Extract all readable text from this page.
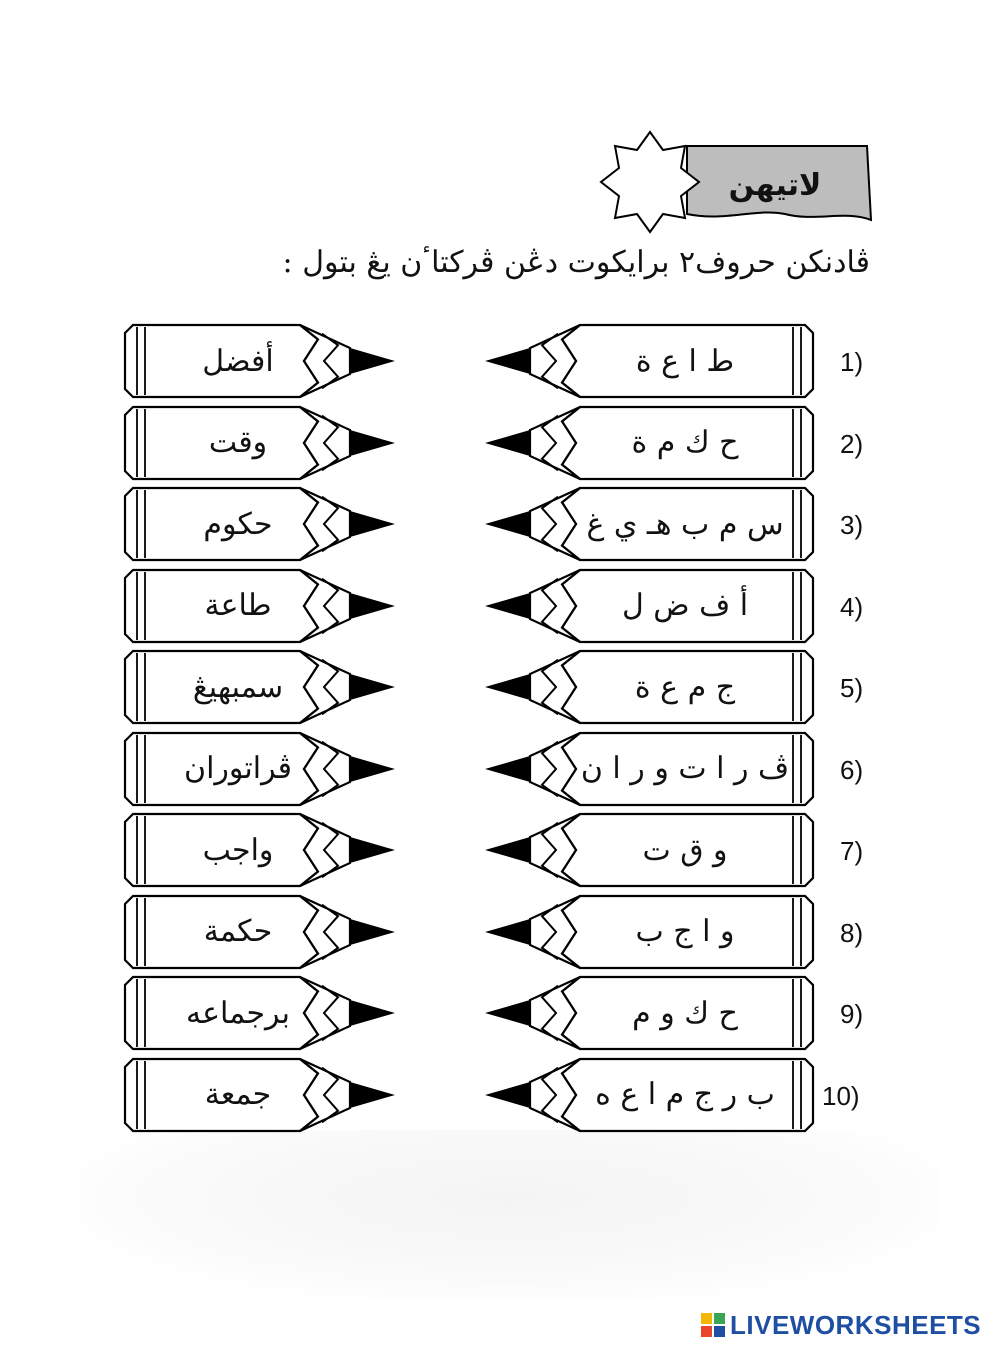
لاتيهن
ڤادنكن حروف٢ برايكوت دڠن ڤركتاٴن يڠ بتول :
أفضل	ط ا ع ة	1)
وقت	ح ك م ة	2)
حكوم	س م ب هـ ي غ 3)
طاعة	أ ف ض ل	4)
سمبهيڠ	ج م ع ة	5)
ڤراتوران	ڤ ر ا ت و ر ا ن 6)
واجب	و ق ت	7)
حكمة	و ا ج ب	8)
برجماعه	ح ك و م	9)
جمعة	ب ر ج م ا ع ه	10)
LIVEWORKSHEETS
